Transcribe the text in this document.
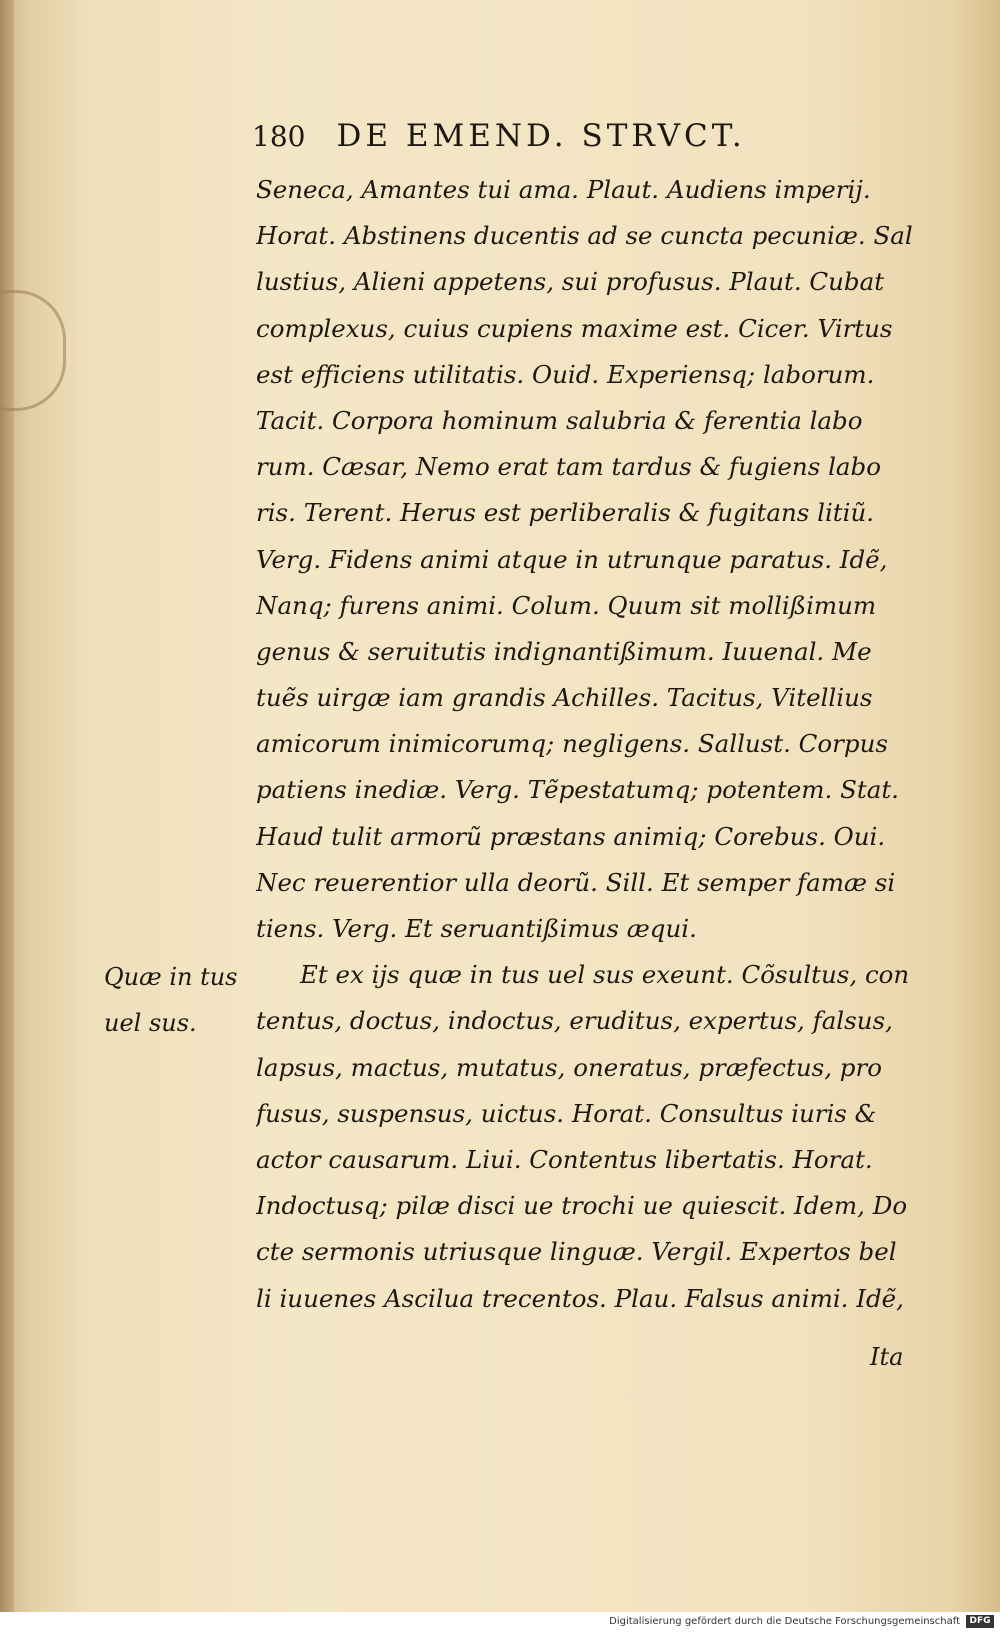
180 DE EMEND. STRVCT.
Seneca, Amantes tui ama. Plaut. Audiens imperij.
Horat. Abstinens ducentis ad se cuncta pecuniæ. Sal
lustius, Alieni appetens, sui profusus. Plaut. Cubat
complexus, cuius cupiens maxime est. Cicer. Virtus
est efficiens utilitatis. Ouid. Experiensq; laborum.
Tacit. Corpora hominum salubria & ferentia labo
rum. Cæsar, Nemo erat tam tardus & fugiens labo
ris. Terent. Herus est perliberalis & fugitans litiũ.
Verg. Fidens animi atque in utrunque paratus. Idẽ,
Nanq; furens animi. Colum. Quum sit mollißimum
genus & seruitutis indignantißimum. Iuuenal. Me
tuẽs uirgæ iam grandis Achilles. Tacitus, Vitellius
amicorum inimicorumq; negligens. Sallust. Corpus
patiens inediæ. Verg. Tẽpestatumq; potentem. Stat.
Haud tulit armorũ præstans animiq; Corebus. Oui.
Nec reuerentior ulla deorũ. Sill. Et semper famæ si
tiens. Verg. Et seruantißimus æqui.
Et ex ijs quæ in tus uel sus exeunt. Cõsultus, con
tentus, doctus, indoctus, eruditus, expertus, falsus,
lapsus, mactus, mutatus, oneratus, præfectus, pro
fusus, suspensus, uictus. Horat. Consultus iuris &
actor causarum. Liui. Contentus libertatis. Horat.
Indoctusq; pilæ disci ue trochi ue quiescit. Idem, Do
cte sermonis utriusque linguæ. Vergil. Expertos bel
li iuuenes Ascilua trecentos. Plau. Falsus animi. Idẽ,
Quæ in tus
uel sus.
Ita
Digitalisierung gefördert durch die Deutsche Forschungsgemeinschaft	DFG
